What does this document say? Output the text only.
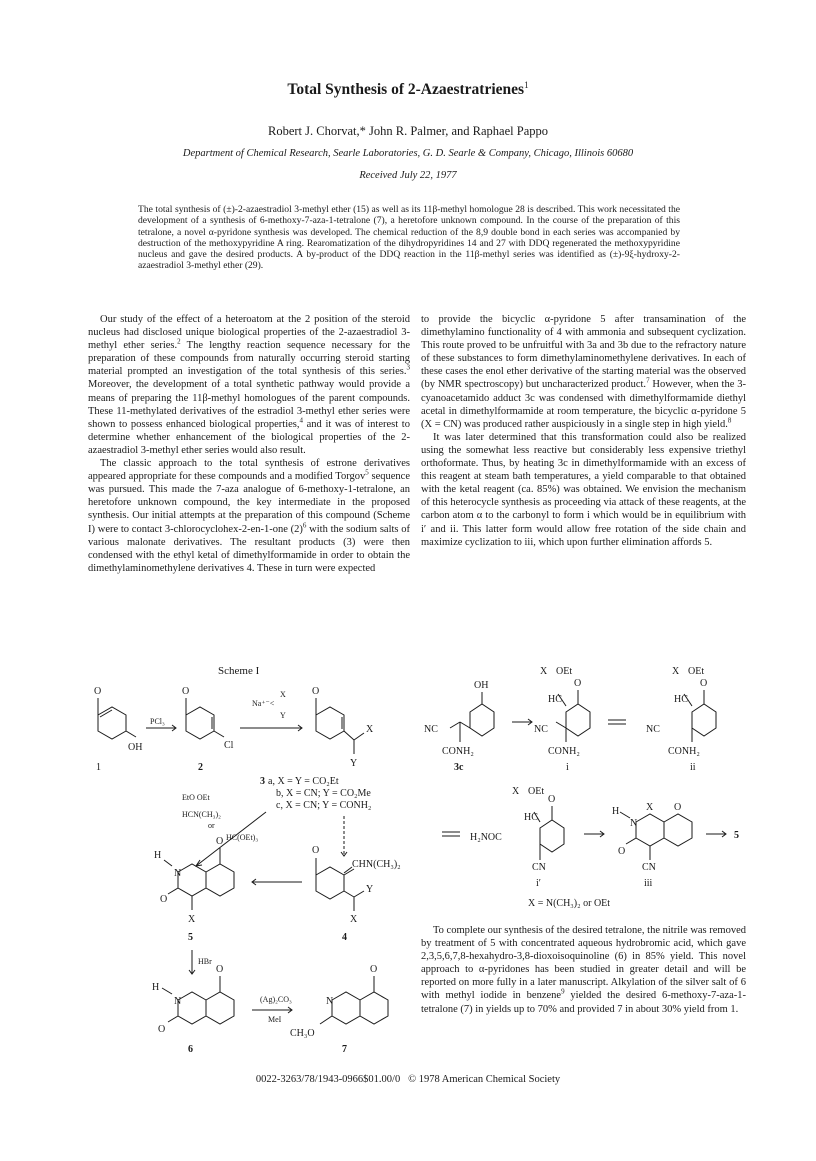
Total Synthesis of 2-Azaestratrienes$^1$
Robert J. Chorvat,* John R. Palmer, and Raphael Pappo
Department of Chemical Research, Searle Laboratories, G. D. Searle & Company, Chicago, Illinois 60680
Received July 22, 1977

The total synthesis of (±)-2-azaestradiol 3-methyl ether (15) as well as its 11β-methyl homologue 28 is described. This work necessitated the development of a synthesis of 6-methoxy-7-aza-1-tetralone (7), a heretofore unknown compound. In the course of the preparation of this tetralone, a novel α-pyridone synthesis was developed. The chemical reduction of the 8,9 double bond in each series was accompanied by destruction of the methoxypyridine A ring. Rearomatization of the dihydropyridines 14 and 27 with DDQ regenerated the methoxypyridine nucleus and gave the desired products. A by-product of the DDQ reaction in the 11β-methyl series was identified as (±)-9ξ-hydroxy-2-azaestradiol 3-methyl ether (29).

Our study of the effect of a heteroatom at the 2 position of the steroid nucleus had disclosed unique biological properties of the 2-azaestradiol 3-methyl ether series.$^2$ The lengthy reaction sequence necessary for the preparation of these compounds from naturally occurring steroid starting material prompted an investigation of the total synthesis of this series.$^3$ Moreover, the development of a total synthetic pathway would provide a means of preparing the 11β-methyl homologues of the parent compounds. These 11-methylated derivatives of the estradiol 3-methyl ether series were shown to possess enhanced biological properties,$^4$ and it was of interest to determine whether enhancement of the biological properties of the 2-azaestradiol 3-methyl ether series would also result.

The classic approach to the total synthesis of estrone derivatives appeared appropriate for these compounds and a modified Torgov$^5$ sequence was pursued. This made the 7-aza analogue of 6-methoxy-1-tetralone, an heretofore unknown compound, the key intermediate in the proposed synthesis. Our initial attempts at the preparation of this compound (Scheme I) were to contact 3-chlorocyclohex-2-en-1-one $(2)^6$ with the sodium salts of various malonate derivatives. The resultant products (3) were then condensed with the ethyl ketal of dimethylformamide in order to obtain the dimethylaminomethylene derivatives 4. These in turn were expected

to provide the bicyclic α-pyridone 5 after transamination of the dimethylamino functionality of 4 with ammonia and subsequent cyclization. This route proved to be unfruitful with 3a and 3b due to the refractory nature of these substances to form dimethylaminomethylene derivatives. In each of these cases the enol ether derivative of the starting material was the observed (by NMR spectroscopy) but uncharacterized product.$^7$ However, when the 3-cyanoacetamido adduct 3c was condensed with dimethylformamide diethyl acetal in dimethylformamide at room temperature, the bicyclic α-pyridone 5 (X = CN) was produced rather auspiciously in a single step in high yield.$^8$

It was later determined that this transformation could also be realized using the somewhat less reactive but considerably less expensive triethyl orthoformate. Thus, by heating 3c in dimethylformamide with an excess of this reagent at steam bath temperatures, a yield comparable to that obtained with the ketal reagent (ca. 85%) was obtained. We envision the mechanism of this heterocycle synthesis as proceeding via attack of these reagents, at the carbon atom α to the carbonyl to form i which would be in equilibrium with i′ and ii. This latter form would allow free rotation of the side chain and maximize cyclization to iii, which upon further elimination affords 5.

Scheme I
O
OH
1
PCl₃
O
Cl
2
Na⁺⁻<
X
Y
O
X
Y
3 a, X = Y = CO₂Et
b, X = CN; Y = CO₂Me
c, X = CN; Y = CONH₂
EtO OEt
HCN(CH₃)₂
or
HC(OEt)₃
O
CHN(CH₃)₂
Y
X
4
O
O
N
H
X
5
HBr
O
O
N
H
6
(Ag)₂CO₃
MeI
O
N
CH₃O
7
OH
NC
CONH₂
3c
X OEt
HC
O
NC
CONH₂
i
X OEt
HC
O
NC
CONH₂
ii
X OEt
HC
O
H₂NOC
CN
i′
H
N
X O
O
CN
iii
5
X = N(CH₃)₂ or OEt

To complete our synthesis of the desired tetralone, the nitrile was removed by treatment of 5 with concentrated aqueous hydrobromic acid, which gave 2,3,5,6,7,8-hexahydro-3,8-dioxoisoquinoline (6) in 85% yield. This novel approach to α-pyridones has been studied in greater detail and will be reported on more fully in a later manuscript. Alkylation of the silver salt of 6 with methyl iodide in benzene$^9$ yielded the desired 6-methoxy-7-aza-1-tetralone (7) in yields up to 70% and provided 7 in about 30% yield from 1.

0022-3263/78/1943-0966$01.00/0 © 1978 American Chemical Society
